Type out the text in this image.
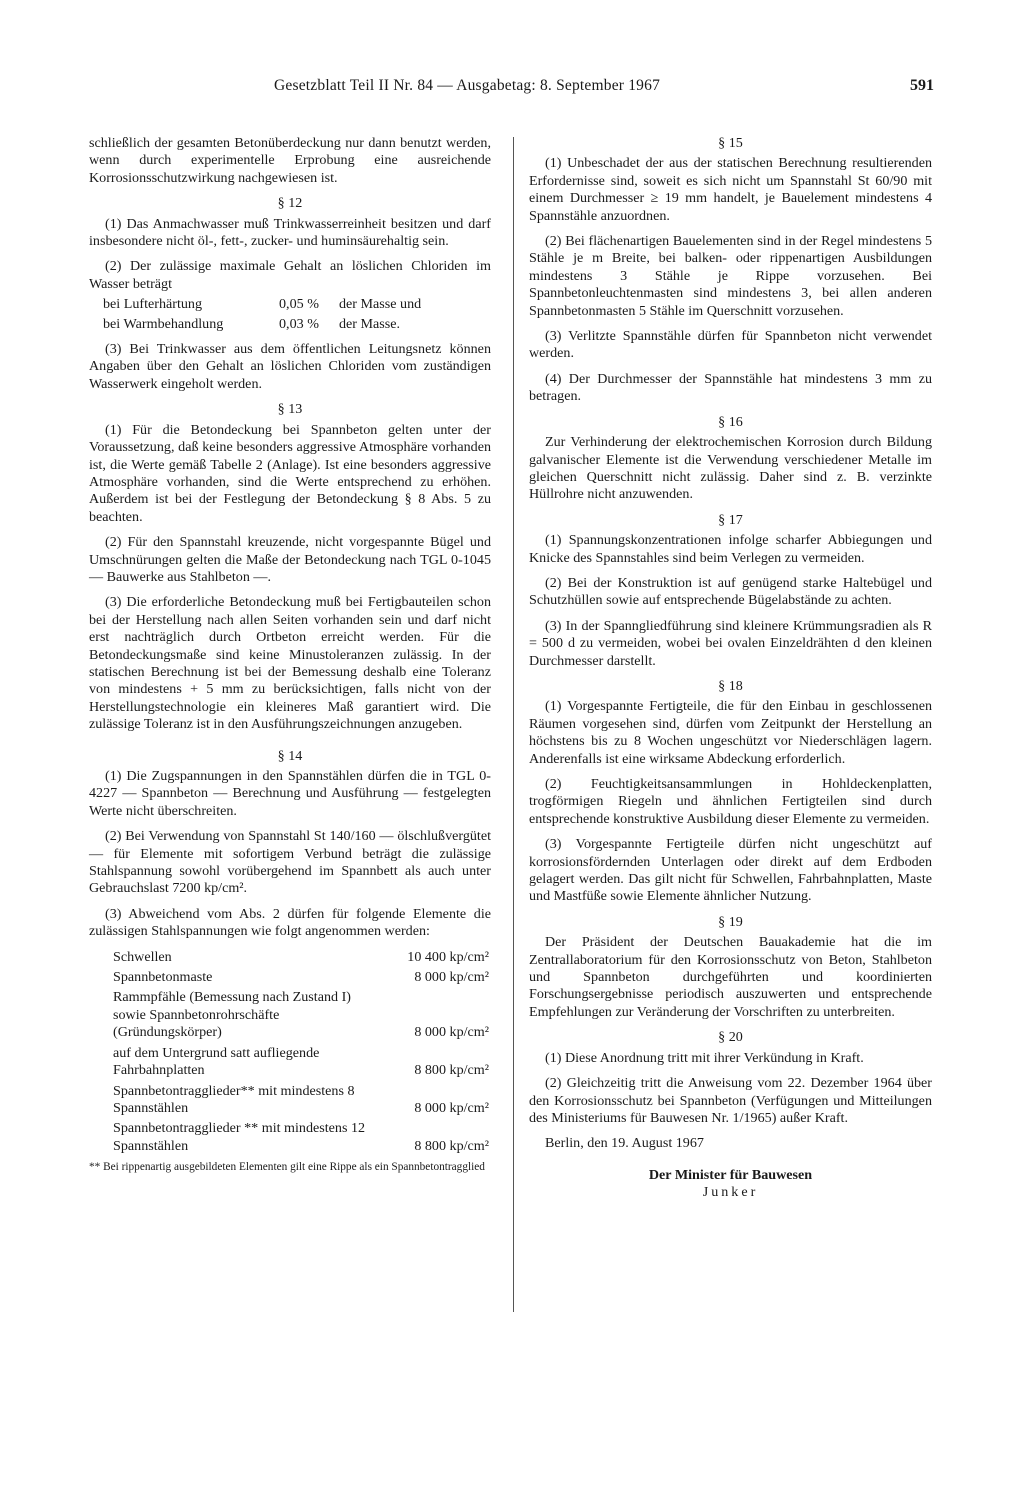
Gesetzblatt Teil II Nr. 84 — Ausgabetag: 8. September 1967	591

schließlich der gesamten Betonüberdeckung nur dann benutzt werden, wenn durch experimentelle Erprobung eine ausreichende Korrosionsschutzwirkung nachgewiesen ist.

§ 12

(1) Das Anmachwasser muß Trinkwasserreinheit besitzen und darf insbesondere nicht öl-, fett-, zucker- und huminsäurehaltig sein.

(2) Der zulässige maximale Gehalt an löslichen Chloriden im Wasser beträgt

bei Lufterhärtung	0,05 %	der Masse und
bei Warmbehandlung	0,03 %	der Masse.

(3) Bei Trinkwasser aus dem öffentlichen Leitungsnetz können Angaben über den Gehalt an löslichen Chloriden vom zuständigen Wasserwerk eingeholt werden.

§ 13

(1) Für die Betondeckung bei Spannbeton gelten unter der Voraussetzung, daß keine besonders aggressive Atmosphäre vorhanden ist, die Werte gemäß Tabelle 2 (Anlage). Ist eine besonders aggressive Atmosphäre vorhanden, sind die Werte entsprechend zu erhöhen. Außerdem ist bei der Festlegung der Betondeckung § 8 Abs. 5 zu beachten.

(2) Für den Spannstahl kreuzende, nicht vorgespannte Bügel und Umschnürungen gelten die Maße der Betondeckung nach TGL 0-1045 — Bauwerke aus Stahlbeton —.

(3) Die erforderliche Betondeckung muß bei Fertigbauteilen schon bei der Herstellung nach allen Seiten vorhanden sein und darf nicht erst nachträglich durch Ortbeton erreicht werden. Für die Betondeckungsmaße sind keine Minustoleranzen zulässig. In der statischen Berechnung ist bei der Bemessung deshalb eine Toleranz von mindestens + 5 mm zu berücksichtigen, falls nicht von der Herstellungstechnologie ein kleineres Maß garantiert wird. Die zulässige Toleranz ist in den Ausführungszeichnungen anzugeben.

§ 14

(1) Die Zugspannungen in den Spannstählen dürfen die in TGL 0-4227 — Spannbeton — Berechnung und Ausführung — festgelegten Werte nicht überschreiten.

(2) Bei Verwendung von Spannstahl St 140/160 — ölschlußvergütet — für Elemente mit sofortigem Verbund beträgt die zulässige Stahlspannung sowohl vorübergehend im Spannbett als auch unter Gebrauchslast 7200 kp/cm².

(3) Abweichend vom Abs. 2 dürfen für folgende Elemente die zulässigen Stahlspannungen wie folgt angenommen werden:

Schwellen	10 400 kp/cm²
Spannbetonmaste	8 000 kp/cm²
Rammpfähle (Bemessung nach Zustand I) sowie Spannbetonrohrschäfte (Gründungskörper)	8 000 kp/cm²
auf dem Untergrund satt aufliegende Fahrbahnplatten	8 800 kp/cm²
Spannbetontragglieder** mit mindestens 8 Spannstählen	8 000 kp/cm²
Spannbetontragglieder ** mit mindestens 12 Spannstählen	8 800 kp/cm²
** Bei rippenartig ausgebildeten Elementen gilt eine Rippe als ein Spannbetontragglied
§ 15

(1) Unbeschadet der aus der statischen Berechnung resultierenden Erfordernisse sind, soweit es sich nicht um Spannstahl St 60/90 mit einem Durchmesser ≥ 19 mm handelt, je Bauelement mindestens 4 Spannstähle anzuordnen.

(2) Bei flächenartigen Bauelementen sind in der Regel mindestens 5 Stähle je m Breite, bei balken- oder rippenartigen Ausbildungen mindestens 3 Stähle je Rippe vorzusehen. Bei Spannbetonleuchtenmasten sind mindestens 3, bei allen anderen Spannbetonmasten 5 Stähle im Querschnitt vorzusehen.

(3) Verlitzte Spannstähle dürfen für Spannbeton nicht verwendet werden.

(4) Der Durchmesser der Spannstähle hat mindestens 3 mm zu betragen.

§ 16

Zur Verhinderung der elektrochemischen Korrosion durch Bildung galvanischer Elemente ist die Verwendung verschiedener Metalle im gleichen Querschnitt nicht zulässig. Daher sind z. B. verzinkte Hüllrohre nicht anzuwenden.

§ 17

(1) Spannungskonzentrationen infolge scharfer Abbiegungen und Knicke des Spannstahles sind beim Verlegen zu vermeiden.

(2) Bei der Konstruktion ist auf genügend starke Haltebügel und Schutzhüllen sowie auf entsprechende Bügelabstände zu achten.

(3) In der Spanngliedführung sind kleinere Krümmungsradien als R = 500 d zu vermeiden, wobei bei ovalen Einzeldrähten d den kleinen Durchmesser darstellt.

§ 18

(1) Vorgespannte Fertigteile, die für den Einbau in geschlossenen Räumen vorgesehen sind, dürfen vom Zeitpunkt der Herstellung an höchstens bis zu 8 Wochen ungeschützt vor Niederschlägen lagern. Anderenfalls ist eine wirksame Abdeckung erforderlich.

(2) Feuchtigkeitsansammlungen in Hohldeckenplatten, trogförmigen Riegeln und ähnlichen Fertigteilen sind durch entsprechende konstruktive Ausbildung dieser Elemente zu vermeiden.

(3) Vorgespannte Fertigteile dürfen nicht ungeschützt auf korrosionsfördernden Unterlagen oder direkt auf dem Erdboden gelagert werden. Das gilt nicht für Schwellen, Fahrbahnplatten, Maste und Mastfüße sowie Elemente ähnlicher Nutzung.

§ 19

Der Präsident der Deutschen Bauakademie hat die im Zentrallaboratorium für den Korrosionsschutz von Beton, Stahlbeton und Spannbeton durchgeführten und koordinierten Forschungsergebnisse periodisch auszuwerten und entsprechende Empfehlungen zur Veränderung der Vorschriften zu unterbreiten.

§ 20

(1) Diese Anordnung tritt mit ihrer Verkündung in Kraft.

(2) Gleichzeitig tritt die Anweisung vom 22. Dezember 1964 über den Korrosionsschutz bei Spannbeton (Verfügungen und Mitteilungen des Ministeriums für Bauwesen Nr. 1/1965) außer Kraft.

Berlin, den 19. August 1967

Der Minister für Bauwesen
Junker
